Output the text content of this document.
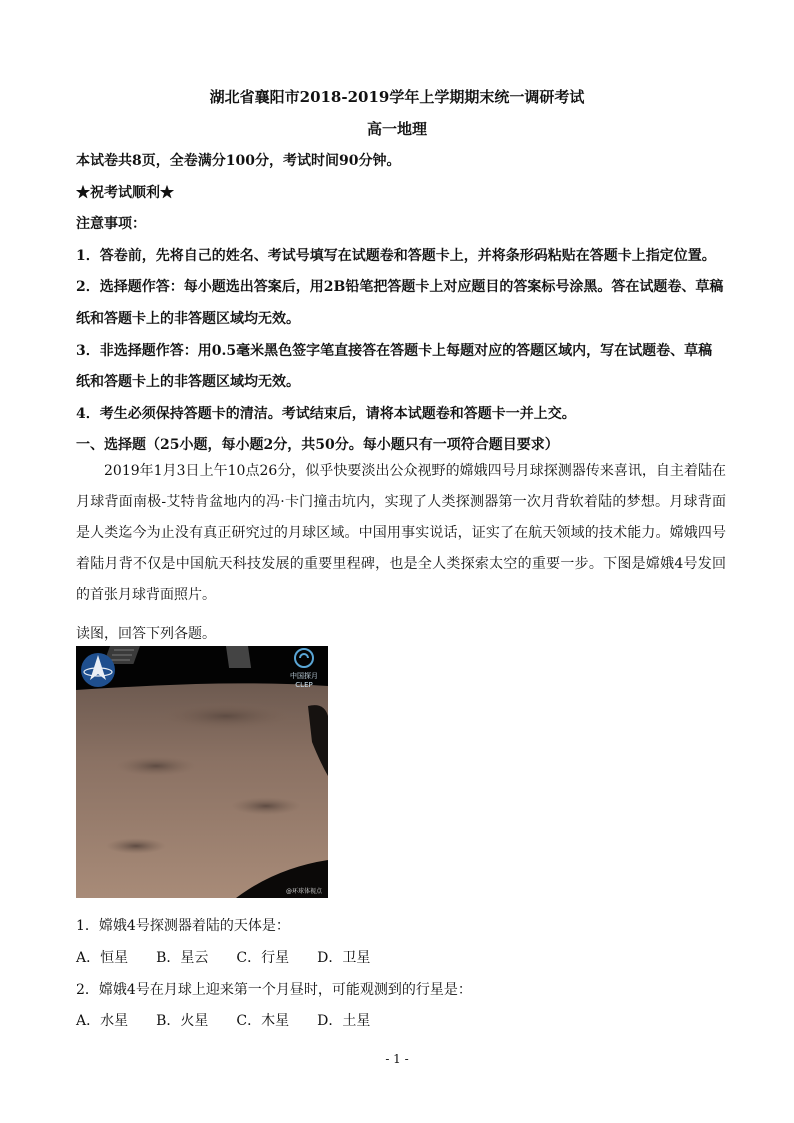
湖北省襄阳市2018-2019学年上学期期末统一调研考试
高一地理
本试卷共8页，全卷满分100分，考试时间90分钟。
★祝考试顺利★
注意事项：
1．答卷前，先将自己的姓名、考试号填写在试题卷和答题卡上，并将条形码粘贴在答题卡上指定位置。
2．选择题作答：每小题选出答案后，用2B铅笔把答题卡上对应题目的答案标号涂黑。答在试题卷、草稿
纸和答题卡上的非答题区域均无效。
3．非选择题作答：用0.5毫米黑色签字笔直接答在答题卡上每题对应的答题区域内，写在试题卷、草稿
纸和答题卡上的非答题区域均无效。
4．考生必须保持答题卡的清洁。考试结束后，请将本试题卷和答题卡一并上交。
一、选择题（25小题，每小题2分，共50分。每小题只有一项符合题目要求）
2019年1月3日上午10点26分，似乎快要淡出公众视野的嫦娥四号月球探测器传来喜讯，自主着陆在月球背面南极-艾特肯盆地内的冯·卡门撞击坑内，实现了人类探测器第一次月背软着陆的梦想。月球背面是人类迄今为止没有真正研究过的月球区域。中国用事实说话，证实了在航天领域的技术能力。嫦娥四号着陆月背不仅是中国航天科技发展的重要里程碑，也是全人类探索太空的重要一步。下图是嫦娥4号发回的首张月球背面照片。
读图，回答下列各题。
中国探月
CLEP
@环球体视点
1．嫦娥4号探测器着陆的天体是：
A．恒星　　B．星云　　C．行星　　D．卫星
2．嫦娥4号在月球上迎来第一个月昼时，可能观测到的行星是：
A．水星　　B．火星　　C．木星　　D．土星
- 1 -
